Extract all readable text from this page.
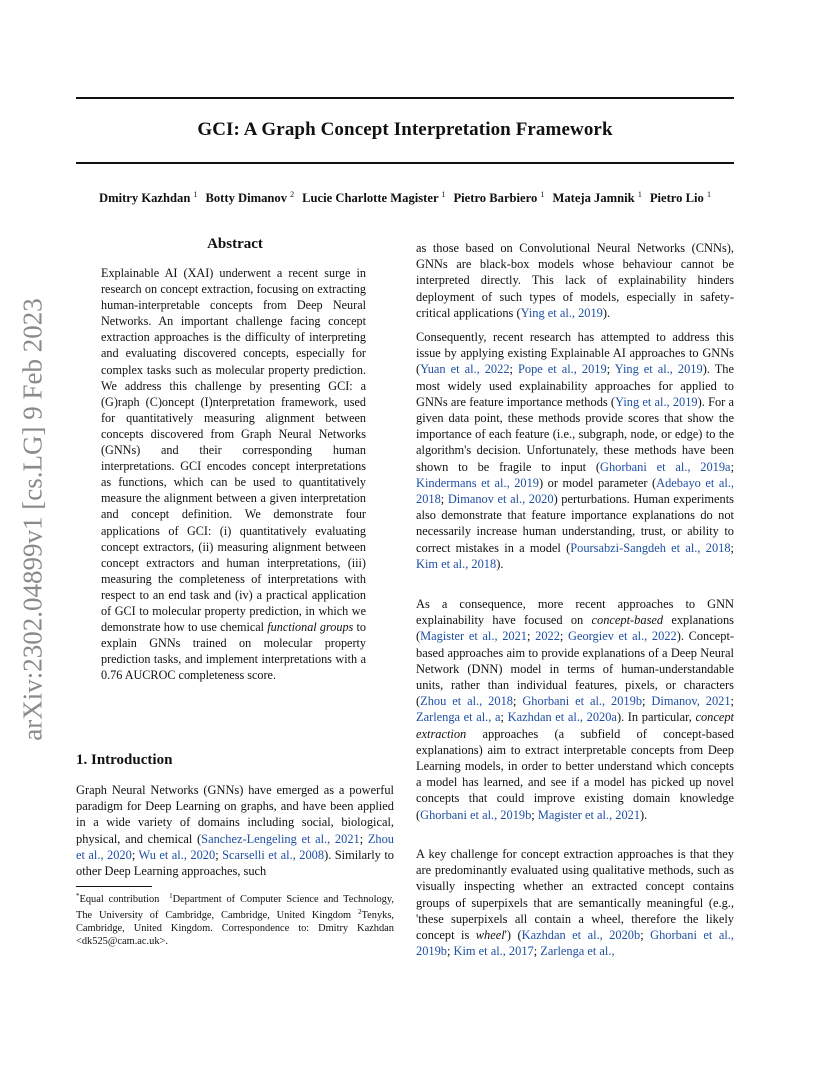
arXiv:2302.04899v1 [cs.LG] 9 Feb 2023
GCI: A Graph Concept Interpretation Framework
Dmitry Kazhdan $^1$ Botty Dimanov $^2$ Lucie Charlotte Magister $^1$ Pietro Barbiero $^1$ Mateja Jamnik $^1$ Pietro Lio $^1$
Abstract
Explainable AI (XAI) underwent a recent surge in research on concept extraction, focusing on extracting human-interpretable concepts from Deep Neural Networks. An important challenge facing concept extraction approaches is the difficulty of interpreting and evaluating discovered concepts, especially for complex tasks such as molecular property prediction. We address this challenge by presenting GCI: a (G)raph (C)oncept (I)nterpretation framework, used for quantitatively measuring alignment between concepts discovered from Graph Neural Networks (GNNs) and their corresponding human interpretations. GCI encodes concept interpretations as functions, which can be used to quantitatively measure the alignment between a given interpretation and concept definition. We demonstrate four applications of GCI: (i) quantitatively evaluating concept extractors, (ii) measuring alignment between concept extractors and human interpretations, (iii) measuring the completeness of interpretations with respect to an end task and (iv) a practical application of GCI to molecular property prediction, in which we demonstrate how to use chemical functional groups to explain GNNs trained on molecular property prediction tasks, and implement interpretations with a 0.76 AUCROC completeness score.
1. Introduction
Graph Neural Networks (GNNs) have emerged as a powerful paradigm for Deep Learning on graphs, and have been applied in a wide variety of domains including social, biological, physical, and chemical (Sanchez-Lengeling et al., 2021; Zhou et al., 2020; Wu et al., 2020; Scarselli et al., 2008). Similarly to other Deep Learning approaches, such
*Equal contribution $^1$Department of Computer Science and Technology, The University of Cambridge, Cambridge, United Kingdom $^2$Tenyks, Cambridge, United Kingdom. Correspondence to: Dmitry Kazhdan <dk525@cam.ac.uk>.
as those based on Convolutional Neural Networks (CNNs), GNNs are black-box models whose behaviour cannot be interpreted directly. This lack of explainability hinders deployment of such types of models, especially in safety-critical applications (Ying et al., 2019).
Consequently, recent research has attempted to address this issue by applying existing Explainable AI approaches to GNNs (Yuan et al., 2022; Pope et al., 2019; Ying et al., 2019). The most widely used explainability approaches for applied to GNNs are feature importance methods (Ying et al., 2019). For a given data point, these methods provide scores that show the importance of each feature (i.e., subgraph, node, or edge) to the algorithm's decision. Unfortunately, these methods have been shown to be fragile to input (Ghorbani et al., 2019a; Kindermans et al., 2019) or model parameter (Adebayo et al., 2018; Dimanov et al., 2020) perturbations. Human experiments also demonstrate that feature importance explanations do not necessarily increase human understanding, trust, or ability to correct mistakes in a model (Poursabzi-Sangdeh et al., 2018; Kim et al., 2018).
As a consequence, more recent approaches to GNN explainability have focused on concept-based explanations (Magister et al., 2021; 2022; Georgiev et al., 2022). Concept-based approaches aim to provide explanations of a Deep Neural Network (DNN) model in terms of human-understandable units, rather than individual features, pixels, or characters (Zhou et al., 2018; Ghorbani et al., 2019b; Dimanov, 2021; Zarlenga et al., a; Kazhdan et al., 2020a). In particular, concept extraction approaches (a subfield of concept-based explanations) aim to extract interpretable concepts from Deep Learning models, in order to better understand which concepts a model has learned, and see if a model has picked up novel concepts that could improve existing domain knowledge (Ghorbani et al., 2019b; Magister et al., 2021).
A key challenge for concept extraction approaches is that they are predominantly evaluated using qualitative methods, such as visually inspecting whether an extracted concept contains groups of superpixels that are semantically meaningful (e.g., 'these superpixels all contain a wheel, therefore the likely concept is wheel') (Kazhdan et al., 2020b; Ghorbani et al., 2019b; Kim et al., 2017; Zarlenga et al.,
